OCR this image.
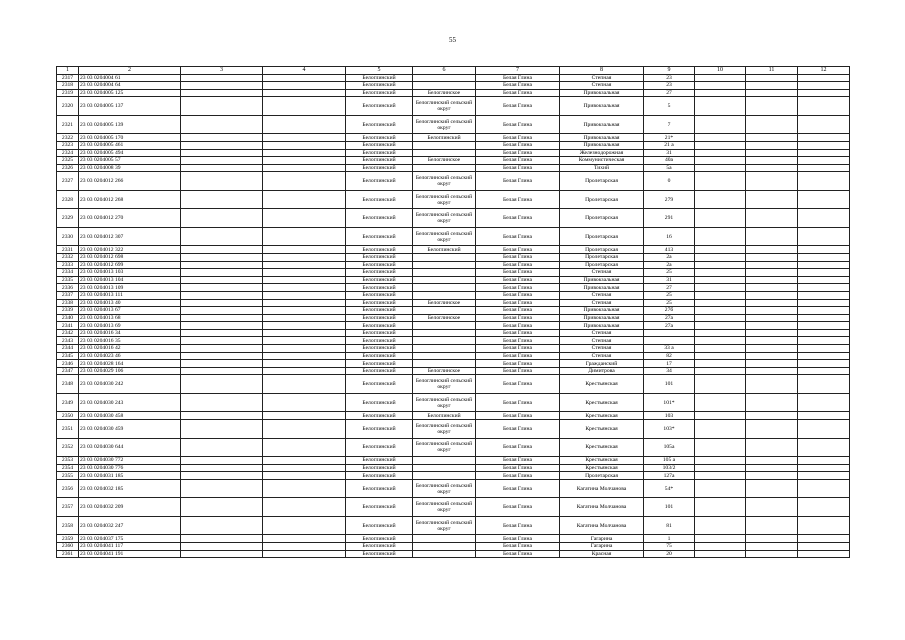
55
1	2	3	4	5	6	7	8	9	10	11	12
2317	23 03 0204004 61			Белоглинский		Белая Глина	Степная	23			
2318	23 03 0204004 64			Белоглинский		Белая Глина	Степная	23			
2319	23 03 0204005 125			Белоглинский	Белоглинское	Белая Глина	Привокзальная	27			
2320	23 03 0204005 137			Белоглинский	Белоглинский сельский округ	Белая Глина	Привокзальная	5			
2321	23 03 0204005 139			Белоглинский	Белоглинский сельский округ	Белая Глина	Привокзальная	7			
2322	23 03 0204005 170			Белоглинский	Белоглинский	Белая Глина	Привокзальная	21*			
2323	23 03 0204005 461			Белоглинский		Белая Глина	Привокзальная	21 а			
2324	23 03 0204005 494			Белоглинский		Белая Глина	Железнодорожная	31			
2325	23 03 0204005 57			Белоглинский	Белоглинское	Белая Глина	Коммунистическая	40а			
2326	23 03 0204008 39			Белоглинский		Белая Глина	Тихий	5а			
2327	23 03 0204012 266			Белоглинский	Белоглинский сельский округ	Белая Глина	Пролетарская	0			
2328	23 03 0204012 268			Белоглинский	Белоглинский сельский округ	Белая Глина	Пролетарская	279			
2329	23 03 0204012 270			Белоглинский	Белоглинский сельский округ	Белая Глина	Пролетарская	291			
2330	23 03 0204012 307			Белоглинский	Белоглинский сельский округ	Белая Глина	Пролетарская	16			
2331	23 03 0204012 322			Белоглинский	Белоглинский	Белая Глина	Пролетарская	413			
2332	23 03 0204012 698			Белоглинский		Белая Глина	Пролетарская	2а			
2333	23 03 0204012 699			Белоглинский		Белая Глина	Пролетарская	2а			
2334	23 03 0204013 103			Белоглинский		Белая Глина	Степная	25			
2335	23 03 0204013 104			Белоглинский		Белая Глина	Привокзальная	31			
2336	23 03 0204013 109			Белоглинский		Белая Глина	Привокзальная	27			
2337	23 03 0204013 111			Белоглинский		Белая Глина	Степная	25			
2338	23 03 0204013 40			Белоглинский	Белоглинское	Белая Глина	Степная	25			
2339	23 03 0204013 67			Белоглинский		Белая Глина	Привокзальная	27б			
2340	23 03 0204013 68			Белоглинский	Белоглинское	Белая Глина	Привокзальная	27а			
2341	23 03 0204013 69			Белоглинский		Белая Глина	Привокзальная	27а			
2342	23 03 0204016 34			Белоглинский		Белая Глина	Степная				
2343	23 03 0204016 35			Белоглинский		Белая Глина	Степная				
2344	23 03 0204016 42			Белоглинский		Белая Глина	Степная	33 а			
2345	23 03 0204023 46			Белоглинский		Белая Глина	Степная	82			
2346	23 03 0204028 164			Белоглинский		Белая Глина	Гражданский	17			
2347	23 03 0204029 106			Белоглинский	Белоглинское	Белая Глина	Димитрова	34			
2348	23 03 0204030 242			Белоглинский	Белоглинский сельский округ	Белая Глина	Крестьянская	101			
2349	23 03 0204030 243			Белоглинский	Белоглинский сельский округ	Белая Глина	Крестьянская	101*			
2350	23 03 0204030 458			Белоглинский	Белоглинский	Белая Глина	Крестьянская	103			
2351	23 03 0204030 459			Белоглинский	Белоглинский сельский округ	Белая Глина	Крестьянская	103*			
2352	23 03 0204030 644			Белоглинский	Белоглинский сельский округ	Белая Глина	Крестьянская	105а			
2353	23 03 0204030 772			Белоглинский		Белая Глина	Крестьянская	105 а			
2354	23 03 0204030 776			Белоглинский		Белая Глина	Крестьянская	103/2			
2355	23 03 0204031 185			Белоглинский		Белая Глина	Пролетарская	127а			
2356	23 03 0204032 185			Белоглинский	Белоглинский сельский округ	Белая Глина	Кагатина Молчанова	54*			
2357	23 03 0204032 209			Белоглинский	Белоглинский сельский округ	Белая Глина	Кагатина Молчанова	101			
2358	23 03 0204032 247			Белоглинский	Белоглинский сельский округ	Белая Глина	Кагатина Молчанова	81			
2359	23 03 0204037 175			Белоглинский		Белая Глина	Гагарина	1			
2360	23 03 0204041 117			Белоглинский		Белая Глина	Гагарина	75			
2361	23 03 0204041 191			Белоглинский		Белая Глина	Красная	20			
